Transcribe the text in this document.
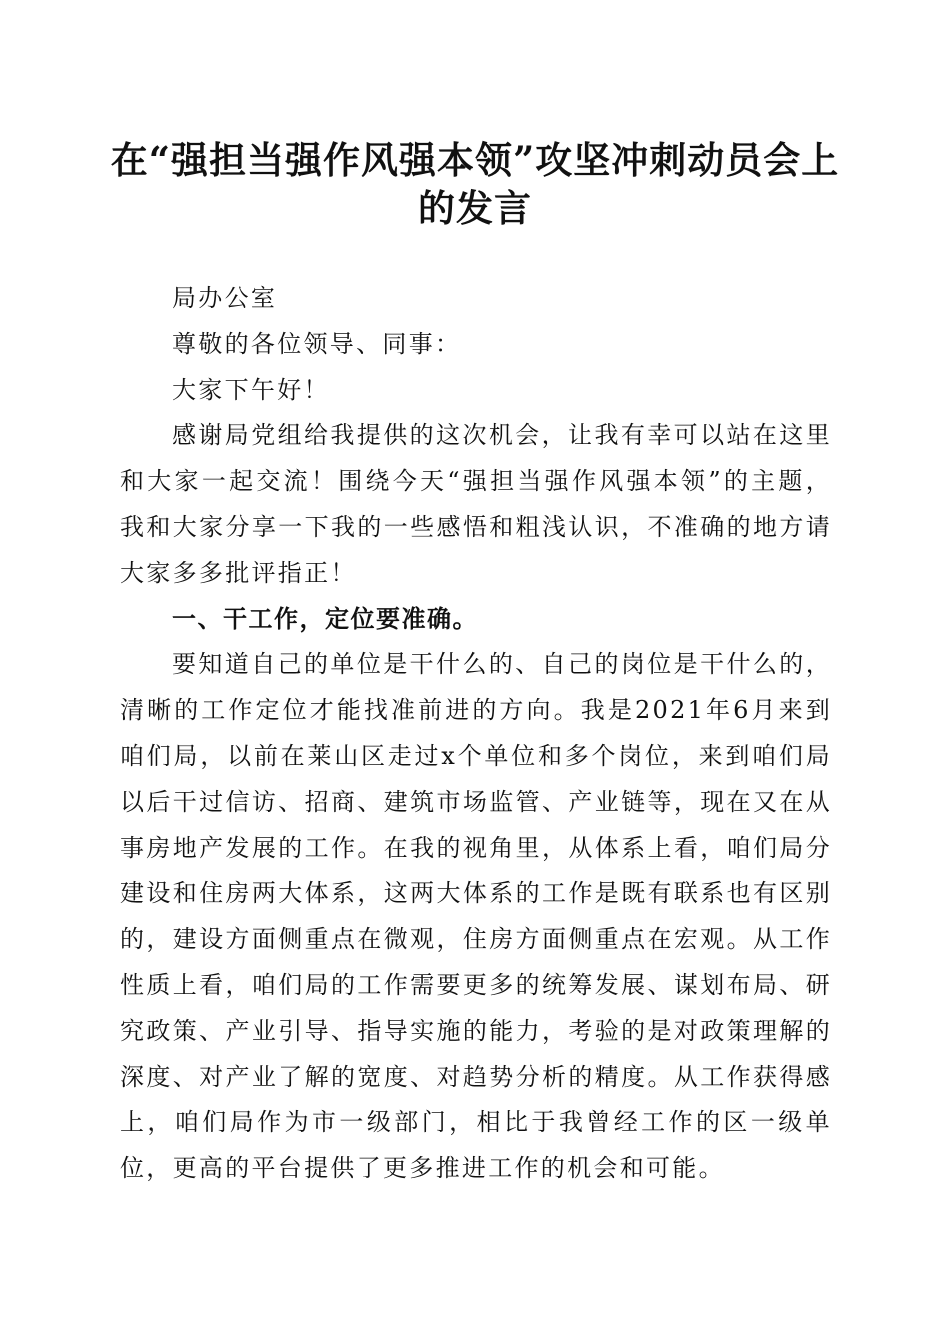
在“强担当强作风强本领”攻坚冲刺动员会上
的发言

局办公室

尊敬的各位领导、同事：

大家下午好！

感谢局党组给我提供的这次机会，让我有幸可以站在这里和大家一起交流！围绕今天“强担当强作风强本领”的主题，我和大家分享一下我的一些感悟和粗浅认识，不准确的地方请大家多多批评指正！

一、干工作，定位要准确。

要知道自己的单位是干什么的、自己的岗位是干什么的，清晰的工作定位才能找准前进的方向。我是2021年6月来到咱们局，以前在莱山区走过x个单位和多个岗位，来到咱们局以后干过信访、招商、建筑市场监管、产业链等，现在又在从事房地产发展的工作。在我的视角里，从体系上看，咱们局分建设和住房两大体系，这两大体系的工作是既有联系也有区别的，建设方面侧重点在微观，住房方面侧重点在宏观。从工作性质上看，咱们局的工作需要更多的统筹发展、谋划布局、研究政策、产业引导、指导实施的能力，考验的是对政策理解的深度、对产业了解的宽度、对趋势分析的精度。从工作获得感上，咱们局作为市一级部门，相比于我曾经工作的区一级单位，更高的平台提供了更多推进工作的机会和可能。
